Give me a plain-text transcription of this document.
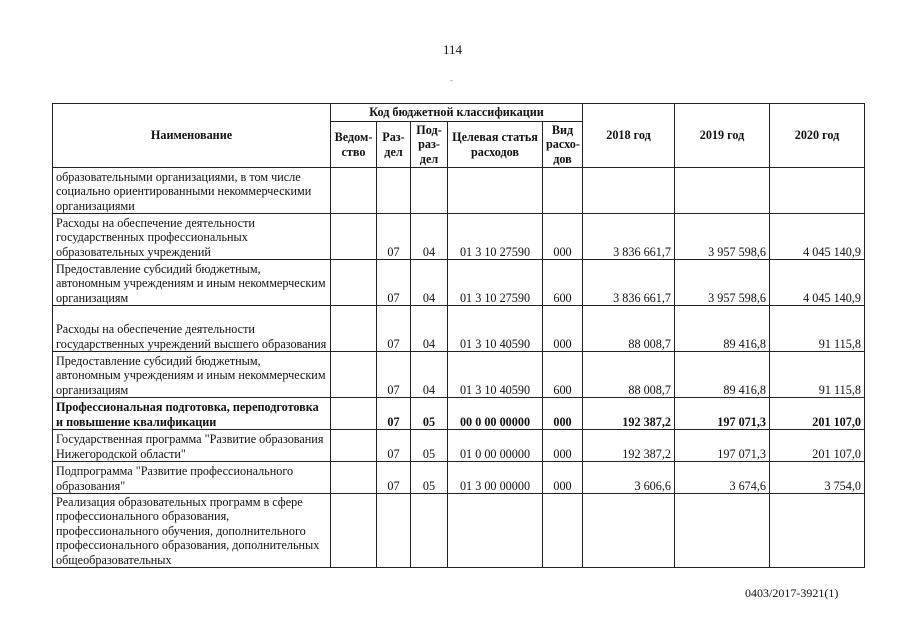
114
-
Наименование	Код бюджетной классификации					2018 год	2019 год	2020 год
	Ведом-ство	Раз-дел	Под-раз-дел	Целевая статья расходов	Вид расхо-дов			
образовательными организациями, в том числе социально ориентированными некоммерческими организациями								
Расходы на обеспечение деятельности государственных профессиональных образовательных учреждений		07	04	01 3 10 27590	000	3 836 661,7	3 957 598,6	4 045 140,9
Предоставление субсидий бюджетным, автономным учреждениям и иным некоммерческим организациям		07	04	01 3 10 27590	600	3 836 661,7	3 957 598,6	4 045 140,9
Расходы на обеспечение деятельности государственных учреждений высшего образования		07	04	01 3 10 40590	000	88 008,7	89 416,8	91 115,8
Предоставление субсидий бюджетным, автономным учреждениям и иным некоммерческим организациям		07	04	01 3 10 40590	600	88 008,7	89 416,8	91 115,8
Профессиональная подготовка, переподготовка и повышение квалификации		07	05	00 0 00 00000	000	192 387,2	197 071,3	201 107,0
Государственная программа "Развитие образования Нижегородской области"		07	05	01 0 00 00000	000	192 387,2	197 071,3	201 107,0
Подпрограмма "Развитие профессионального образования"		07	05	01 3 00 00000	000	3 606,6	3 674,6	3 754,0
Реализация образовательных программ в сфере профессионального образования, профессионального обучения, дополнительного профессионального образования, дополнительных общеобразовательных								
0403/2017-3921(1)
